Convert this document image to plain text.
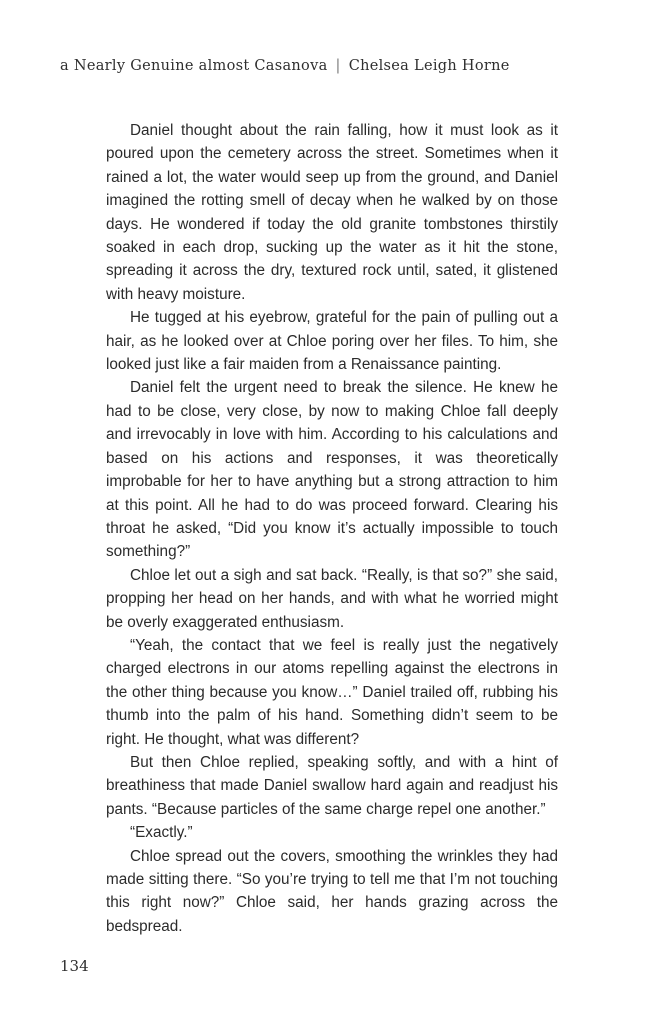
a Nearly Genuine almost Casanova | Chelsea Leigh Horne

Daniel thought about the rain falling, how it must look as it poured upon the cemetery across the street. Sometimes when it rained a lot, the water would seep up from the ground, and Daniel imagined the rotting smell of decay when he walked by on those days. He wondered if today the old granite tombstones thirstily soaked in each drop, sucking up the water as it hit the stone, spreading it across the dry, textured rock until, sated, it glistened with heavy moisture.

He tugged at his eyebrow, grateful for the pain of pulling out a hair, as he looked over at Chloe poring over her files. To him, she looked just like a fair maiden from a Renaissance painting.

Daniel felt the urgent need to break the silence. He knew he had to be close, very close, by now to making Chloe fall deeply and irrevocably in love with him. According to his calculations and based on his actions and responses, it was theoretically improbable for her to have anything but a strong attraction to him at this point. All he had to do was proceed forward. Clearing his throat he asked, “Did you know it’s actually impossible to touch something?”

Chloe let out a sigh and sat back. “Really, is that so?” she said, propping her head on her hands, and with what he worried might be overly exaggerated enthusiasm.

“Yeah, the contact that we feel is really just the negatively charged electrons in our atoms repelling against the electrons in the other thing because you know…” Daniel trailed off, rubbing his thumb into the palm of his hand. Something didn’t seem to be right. He thought, what was different?

But then Chloe replied, speaking softly, and with a hint of breathiness that made Daniel swallow hard again and readjust his pants. “Because particles of the same charge repel one another.”

“Exactly.”

Chloe spread out the covers, smoothing the wrinkles they had made sitting there. “So you’re trying to tell me that I’m not touching this right now?” Chloe said, her hands grazing across the bedspread.

134
